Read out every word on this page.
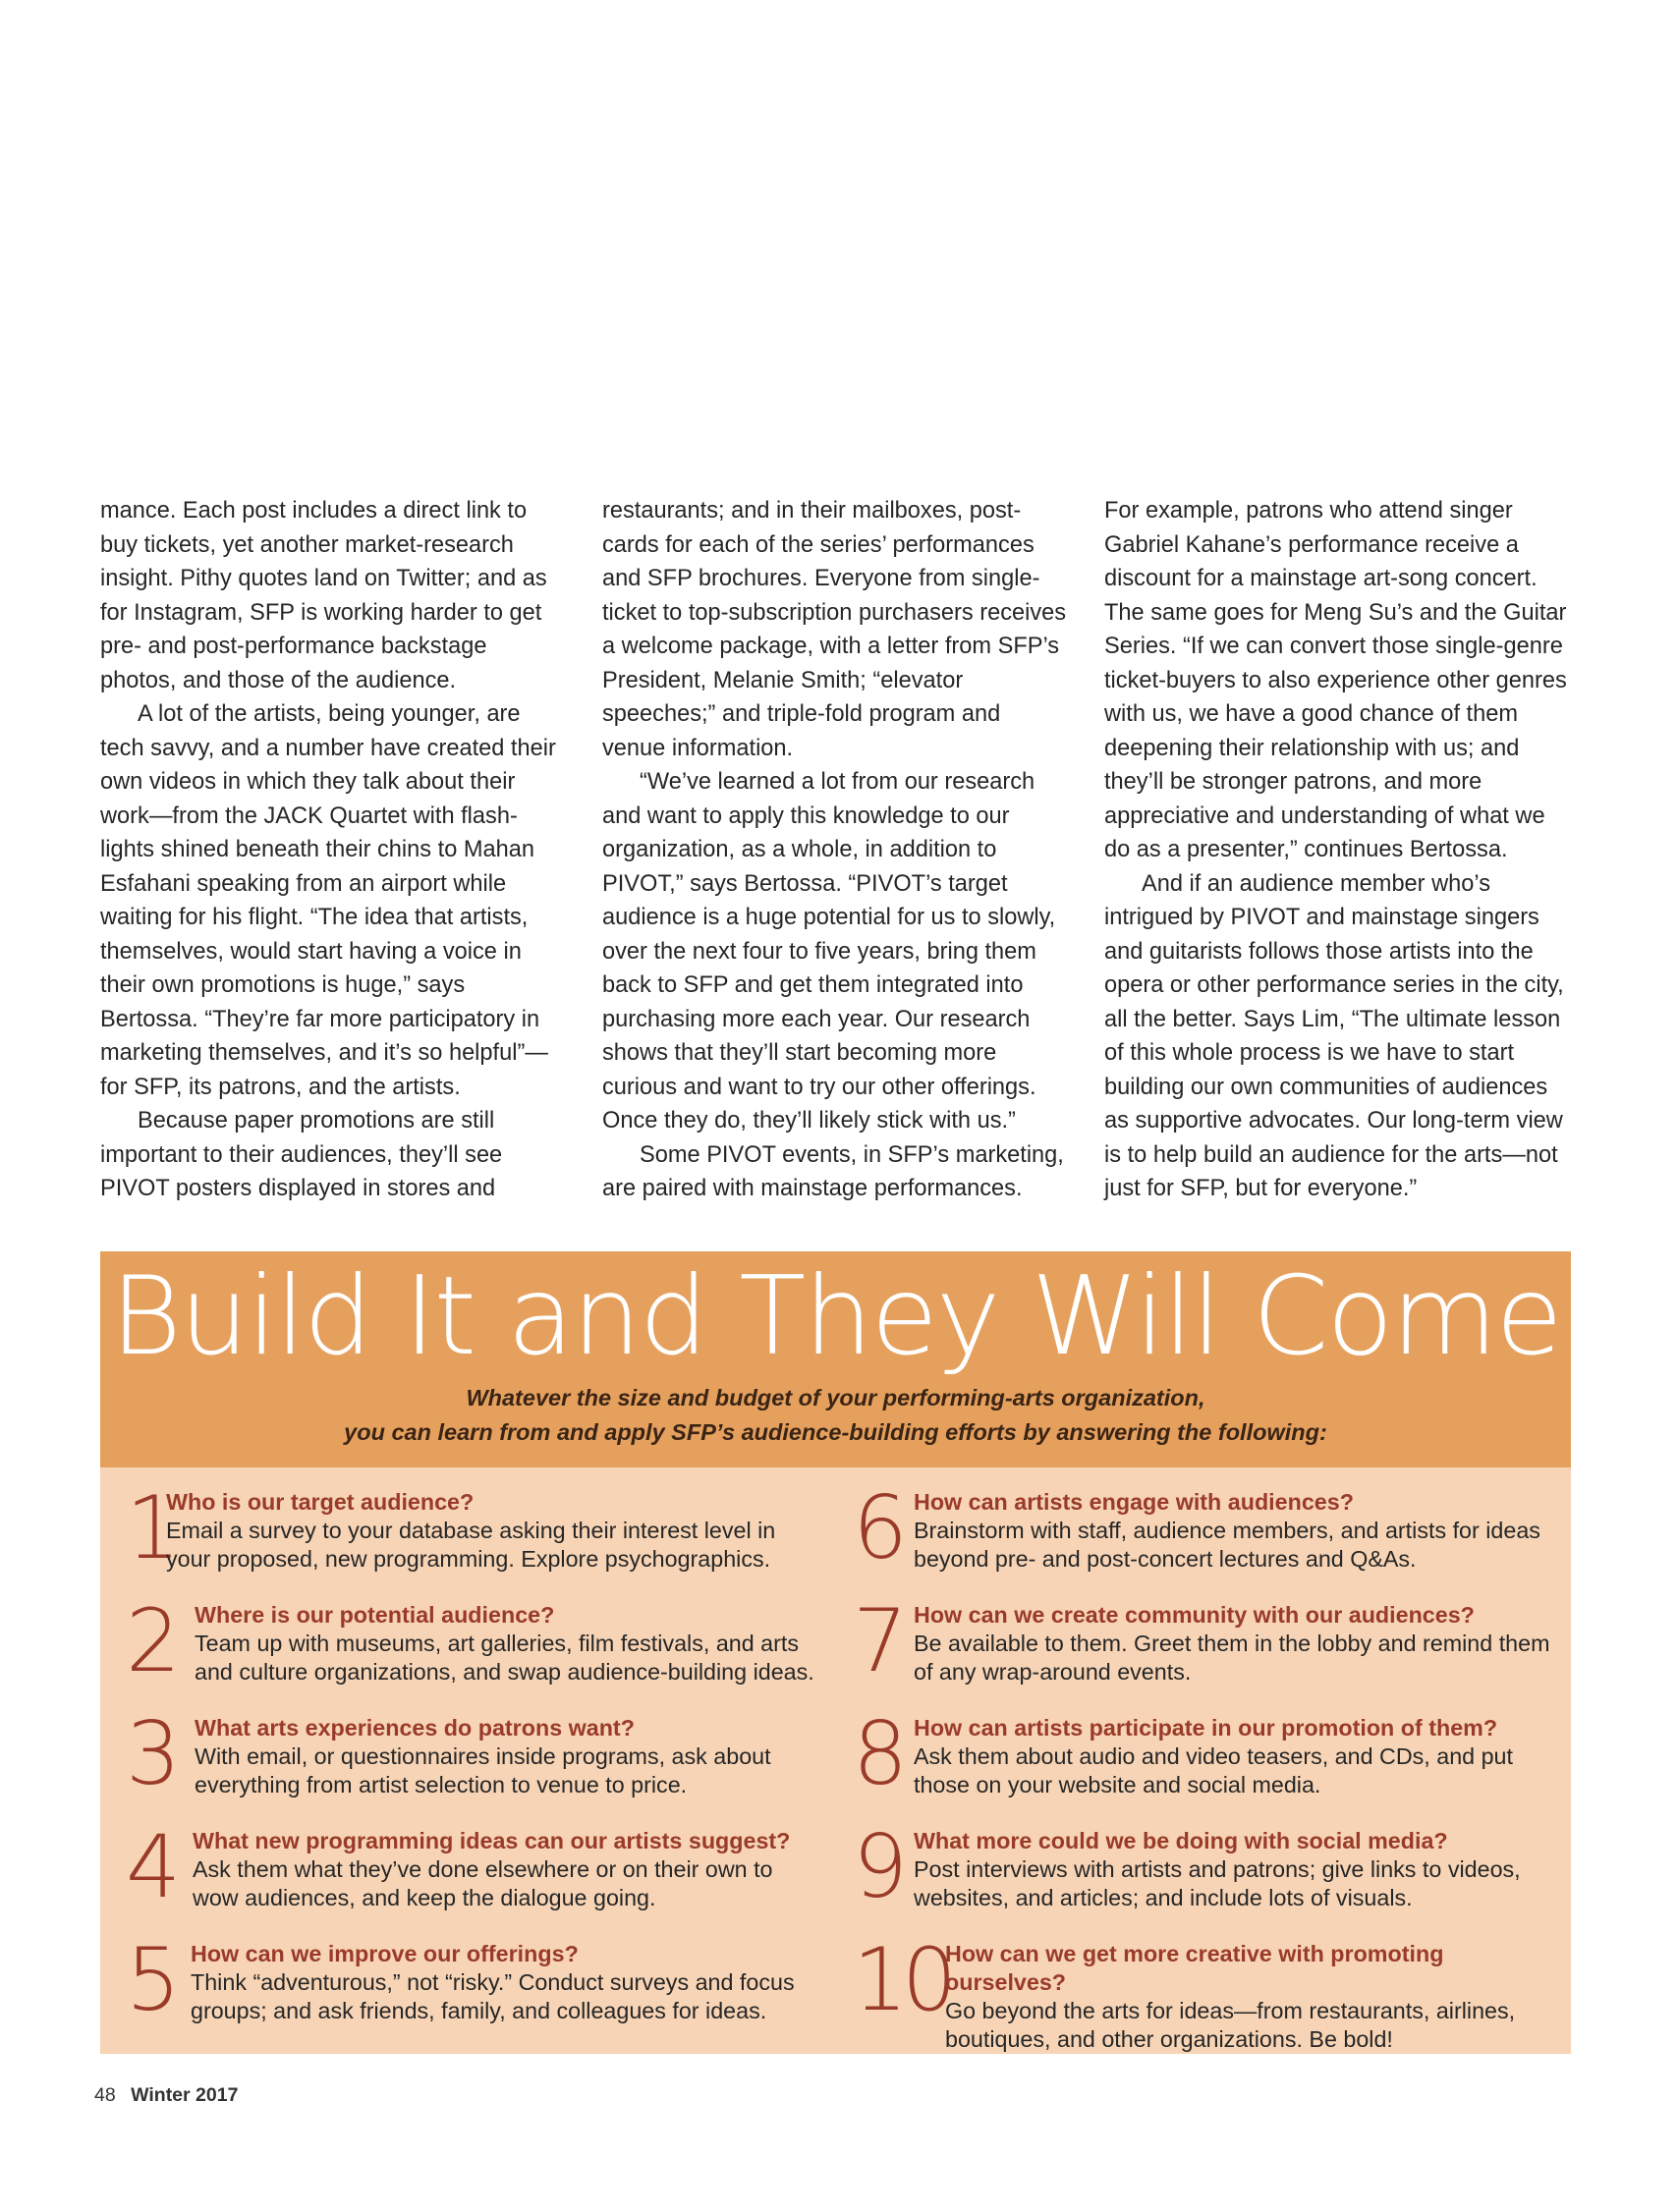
mance. Each post includes a direct link to buy tickets, yet another market-research insight. Pithy quotes land on Twitter; and as for Instagram, SFP is working harder to get pre- and post-performance backstage photos, and those of the audience.

A lot of the artists, being younger, are tech savvy, and a number have created their own videos in which they talk about their work—from the JACK Quartet with flash-lights shined beneath their chins to Mahan Esfahani speaking from an airport while waiting for his flight. “The idea that artists, themselves, would start having a voice in their own promotions is huge,” says Bertossa. “They’re far more participatory in marketing themselves, and it’s so helpful”—for SFP, its patrons, and the artists.

Because paper promotions are still important to their audiences, they’ll see PIVOT posters displayed in stores and

restaurants; and in their mailboxes, post-cards for each of the series’ performances and SFP brochures. Everyone from single-ticket to top-subscription purchasers receives a welcome package, with a letter from SFP’s President, Melanie Smith; “elevator speeches;” and triple-fold program and venue information.

“We’ve learned a lot from our research and want to apply this knowledge to our organization, as a whole, in addition to PIVOT,” says Bertossa. “PIVOT’s target audience is a huge potential for us to slowly, over the next four to five years, bring them back to SFP and get them integrated into purchasing more each year. Our research shows that they’ll start becoming more curious and want to try our other offerings. Once they do, they’ll likely stick with us.”

Some PIVOT events, in SFP’s marketing, are paired with mainstage performances.

For example, patrons who attend singer Gabriel Kahane’s performance receive a discount for a mainstage art-song concert. The same goes for Meng Su’s and the Guitar Series. “If we can convert those single-genre ticket-buyers to also experience other genres with us, we have a good chance of them deepening their relationship with us; and they’ll be stronger patrons, and more appreciative and understanding of what we do as a presenter,” continues Bertossa.

And if an audience member who’s intrigued by PIVOT and mainstage singers and guitarists follows those artists into the opera or other performance series in the city, all the better. Says Lim, “The ultimate lesson of this whole process is we have to start building our own communities of audiences as supportive advocates. Our long-term view is to help build an audience for the arts—not just for SFP, but for everyone.”

Build It and They Will Come
Whatever the size and budget of your performing-arts organization,
you can learn from and apply SFP’s audience-building efforts by answering the following:
1
Who is our target audience?
Email a survey to your database asking their interest level in your proposed, new programming. Explore psychographics.
2 Where is our potential audience?
Team up with museums, art galleries, film festivals, and arts and culture organizations, and swap audience-building ideas.
3 What arts experiences do patrons want?
With email, or questionnaires inside programs, ask about everything from artist selection to venue to price.
4 What new programming ideas can our artists suggest?
Ask them what they’ve done elsewhere or on their own to wow audiences, and keep the dialogue going.
5 How can we improve our offerings?
Think “adventurous,” not “risky.” Conduct surveys and focus groups; and ask friends, family, and colleagues for ideas.
6 How can artists engage with audiences?
Brainstorm with staff, audience members, and artists for ideas beyond pre- and post-concert lectures and Q&As.
7 How can we create community with our audiences?
Be available to them. Greet them in the lobby and remind them of any wrap-around events.
8 How can artists participate in our promotion of them?
Ask them about audio and video teasers, and CDs, and put those on your website and social media.
9 What more could we be doing with social media?
Post interviews with artists and patrons; give links to videos, websites, and articles; and include lots of visuals.
10
How can we get more creative with promoting ourselves?
Go beyond the arts for ideas—from restaurants, airlines, boutiques, and other organizations. Be bold!
48 Winter 2017
